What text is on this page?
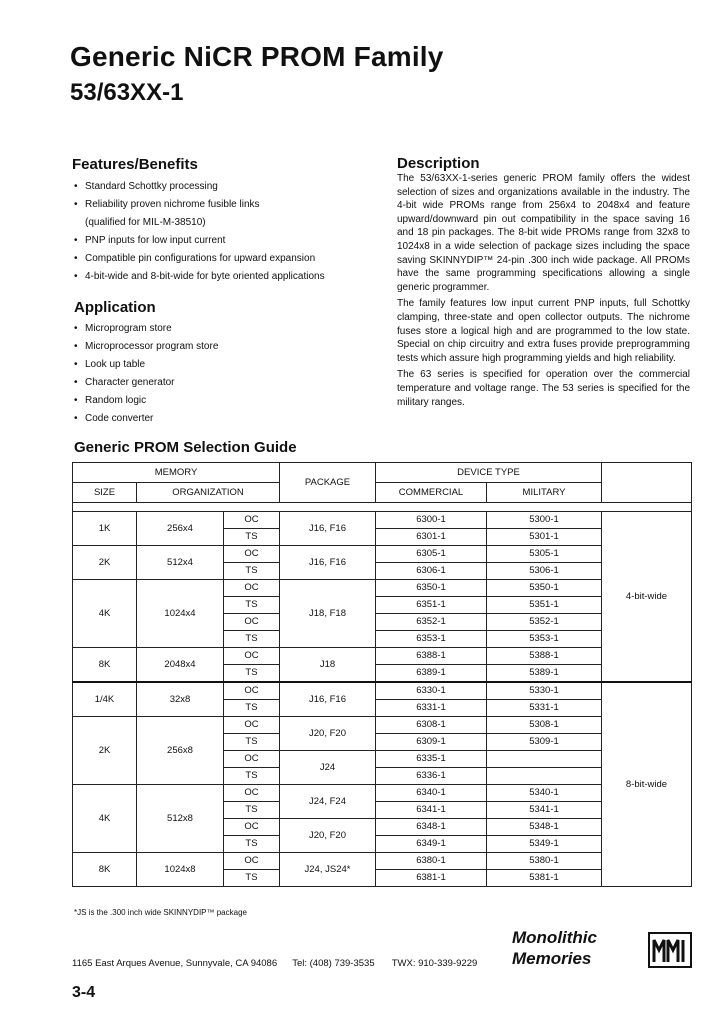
Generic NiCR PROM Family
53/63XX-1
Features/Benefits
• Standard Schottky processing
• Reliability proven nichrome fusible links
(qualified for MIL-M-38510)
• PNP inputs for low input current
• Compatible pin configurations for upward expansion
• 4-bit-wide and 8-bit-wide for byte oriented applications
Application
• Microprogram store
• Microprocessor program store
• Look up table
• Character generator
• Random logic
• Code converter
Description

The 53/63XX-1-series generic PROM family offers the widest selection of sizes and organizations available in the industry. The 4-bit wide PROMs range from 256x4 to 2048x4 and feature upward/downward pin out compatibility in the space saving 16 and 18 pin packages. The 8-bit wide PROMs range from 32x8 to 1024x8 in a wide selection of package sizes including the space saving SKINNYDIP™ 24-pin .300 inch wide package. All PROMs have the same programming specifications allowing a single generic programmer.

The family features low input current PNP inputs, full Schottky clamping, three-state and open collector outputs. The nichrome fuses store a logical high and are programmed to the low state. Special on chip circuitry and extra fuses provide preprogramming tests which assure high programming yields and high reliability.

The 63 series is specified for operation over the commercial temperature and voltage range. The 53 series is specified for the military ranges.

Generic PROM Selection Guide
MEMORY			PACKAGE	DEVICE TYPE		
SIZE	ORGANIZATION			COMMERCIAL	MILITARY	

1K	256x4	OC	J16, F16	6300-1	5300-1	4-bit-wide
		TS		6301-1	5301-1	
2K	512x4	OC	J16, F16	6305-1	5305-1	
		TS		6306-1	5306-1	
4K	1024x4	OC	J18, F18	6350-1	5350-1	
		TS		6351-1	5351-1	
		OC		6352-1	5352-1	
		TS		6353-1	5353-1	
8K	2048x4	OC	J18	6388-1	5388-1	
		TS		6389-1	5389-1	
1/4K	32x8	OC	J16, F16	6330-1	5330-1	8-bit-wide
		TS		6331-1	5331-1	
2K	256x8	OC	J20, F20	6308-1	5308-1	
		TS		6309-1	5309-1	
		OC	J24	6335-1		
		TS		6336-1		
4K	512x8	OC	J24, F24	6340-1	5340-1	
		TS		6341-1	5341-1	
		OC	J20, F20	6348-1	5348-1	
		TS		6349-1	5349-1	
8K	1024x8	OC	J24, JS24*	6380-1	5380-1	
		TS		6381-1	5381-1	
*JS is the .300 inch wide SKINNYDIP™ package
1165 East Arques Avenue, Sunnyvale, CA 94086 Tel: (408) 739-3535 TWX: 910-339-9229
Monolithic
Memories
3-4
